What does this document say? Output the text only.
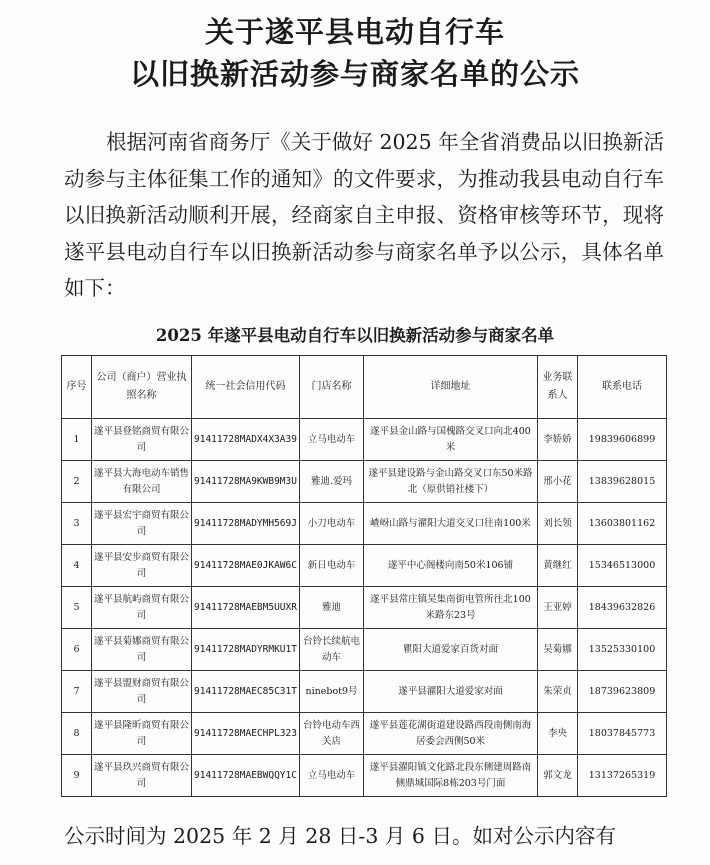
关于遂平县电动自行车
以旧换新活动参与商家名单的公示
根据河南省商务厅《关于做好 2025 年全省消费品以旧换新活动参与主体征集工作的通知》的文件要求，为推动我县电动自行车以旧换新活动顺利开展，经商家自主申报、资格审核等环节，现将遂平县电动自行车以旧换新活动参与商家名单予以公示，具体名单如下：
2025 年遂平县电动自行车以旧换新活动参与商家名单
序号	公司（商户）营业执照名称	统一社会信用代码	门店名称	详细地址	业务联系人	联系电话
1	遂平县登铭商贸有限公司	91411728MADX4X3A39	立马电动车	遂平县金山路与国槐路交叉口向北400米	李娇娇	19839606899
2	遂平县大海电动车销售有限公司	91411728MA9KWB9M3U	雅迪.爱玛	遂平县建设路与金山路交叉口东50米路北（原供销社楼下）	邢小花	13839628015
3	遂平县宏宇商贸有限公司	91411728MADYMH569J	小刀电动车	嵖岈山路与濯阳大道交叉口往南100米	刘长领	13603801162
4	遂平县安步商贸有限公司	91411728MAE0JKAW6C	新日电动车	遂平中心阁楼向南50米106铺	黄继红	15346513000
5	遂平县航屿商贸有限公司	91411728MAEBM5UUXR	雅迪	遂平县常庄镇吴集南街电管所往北100米路东23号	王亚婷	18439632826
6	遂平县菊娜商贸有限公司	91411728MADYRMKU1T	台铃长续航电动车	瞿阳大道爱家百货对面	吴菊娜	13525330100
7	遂平县盟财商贸有限公司	91411728MAEC85C31T	ninebot9号	遂平县濯阳大道爱家对面	朱荣贞	18739623809
8	遂平县隆昕商贸有限公司	91411728MAECHPL323	台铃电动车西关店	遂平县莲花湖街道建设路西段南侧南海居委会西侧50米	李央	18037845773
9	遂平县玖兴商贸有限公司	91411728MAEBWQQY1C	立马电动车	遂平县濯阳镇文化路北段东侧建周路南侧鼎城国际8栋203号门面	郭文龙	13137265319
公示时间为 2025 年 2 月 28 日-3 月 6 日。如对公示内容有
